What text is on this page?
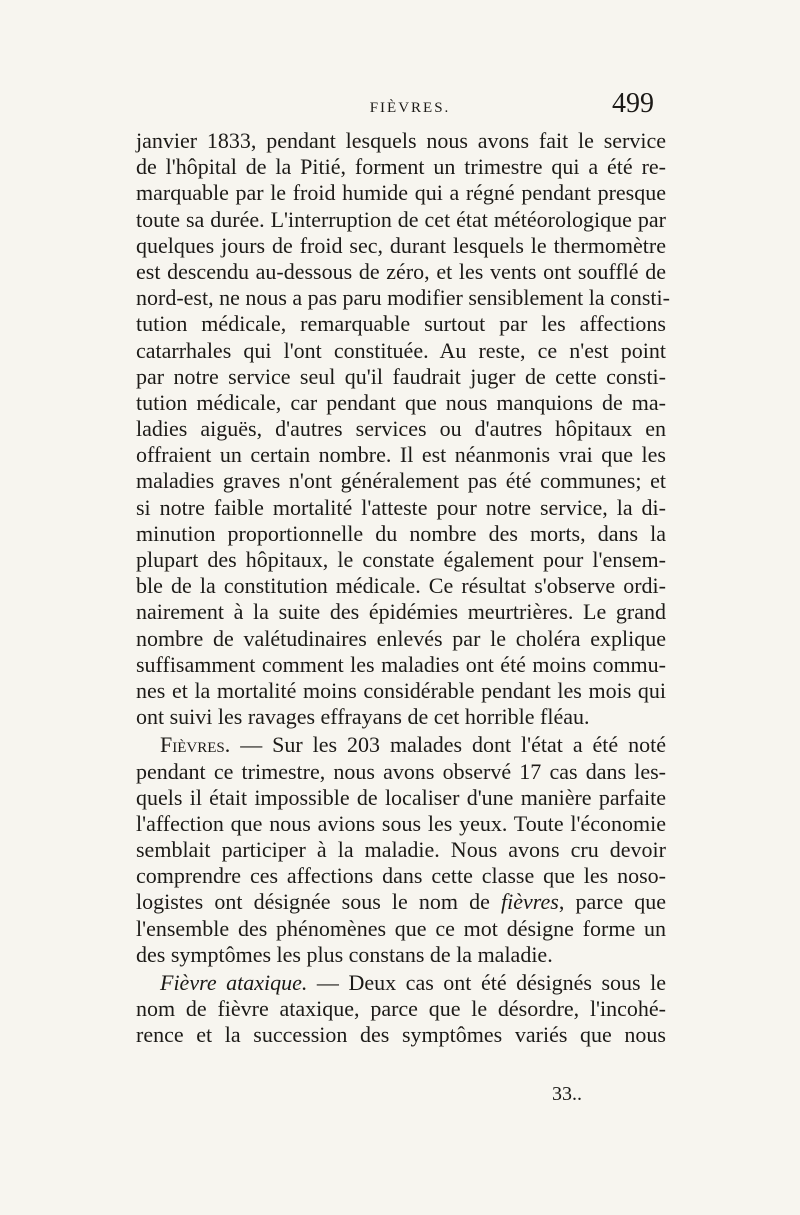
FIÈVRES.	499
janvier 1833, pendant lesquels nous avons fait le service
de l'hôpital de la Pitié, forment un trimestre qui a été re-
marquable par le froid humide qui a régné pendant presque
toute sa durée. L'interruption de cet état météorologique par
quelques jours de froid sec, durant lesquels le thermomètre
est descendu au-dessous de zéro, et les vents ont soufflé de
nord-est, ne nous a pas paru modifier sensiblement la consti-
tution médicale, remarquable surtout par les affections
catarrhales qui l'ont constituée. Au reste, ce n'est point
par notre service seul qu'il faudrait juger de cette consti-
tution médicale, car pendant que nous manquions de ma-
ladies aiguës, d'autres services ou d'autres hôpitaux en
offraient un certain nombre. Il est néanmonis vrai que les
maladies graves n'ont généralement pas été communes; et
si notre faible mortalité l'atteste pour notre service, la di-
minution proportionnelle du nombre des morts, dans la
plupart des hôpitaux, le constate également pour l'ensem-
ble de la constitution médicale. Ce résultat s'observe ordi-
nairement à la suite des épidémies meurtrières. Le grand
nombre de valétudinaires enlevés par le choléra explique
suffisamment comment les maladies ont été moins commu-
nes et la mortalité moins considérable pendant les mois qui
ont suivi les ravages effrayans de cet horrible fléau.
Fièvres. — Sur les 203 malades dont l'état a été noté
pendant ce trimestre, nous avons observé 17 cas dans les-
quels il était impossible de localiser d'une manière parfaite
l'affection que nous avions sous les yeux. Toute l'économie
semblait participer à la maladie. Nous avons cru devoir
comprendre ces affections dans cette classe que les noso-
logistes ont désignée sous le nom de fièvres, parce que
l'ensemble des phénomènes que ce mot désigne forme un
des symptômes les plus constans de la maladie.
Fièvre ataxique. — Deux cas ont été désignés sous le
nom de fièvre ataxique, parce que le désordre, l'incohé-
rence et la succession des symptômes variés que nous
33..
